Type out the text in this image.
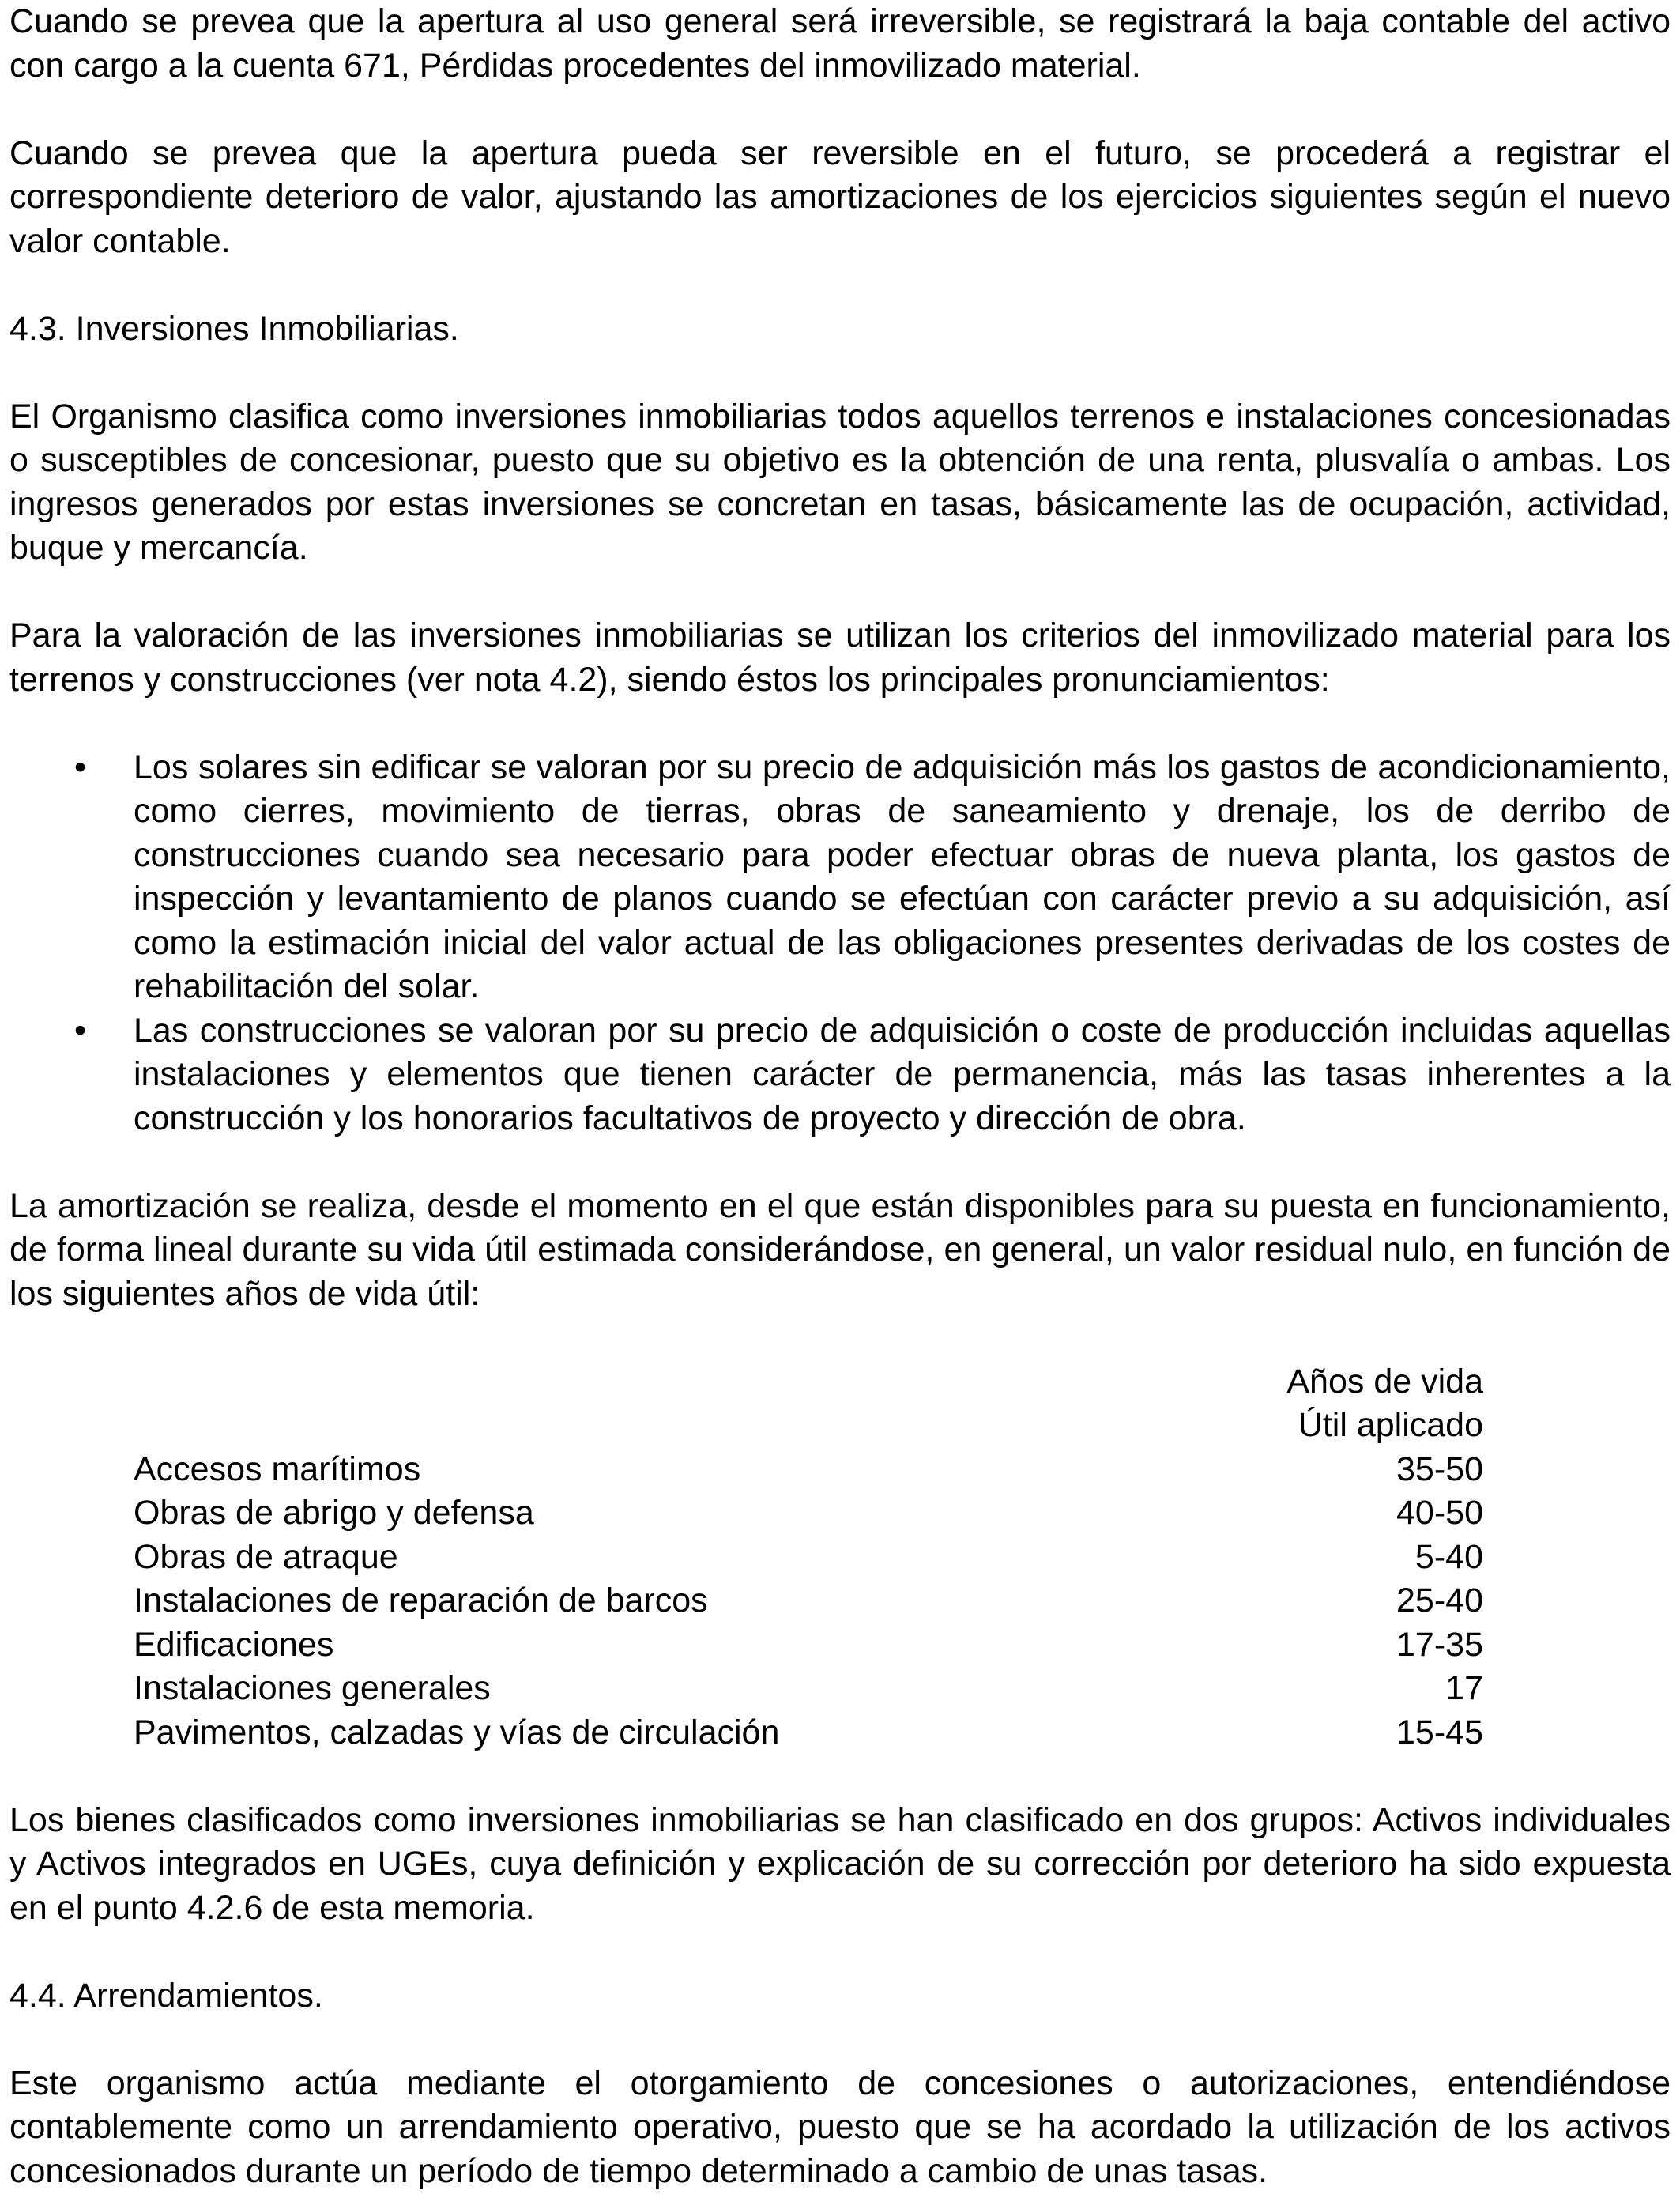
Cuando se prevea que la apertura al uso general será irreversible, se registrará la baja contable del activo con cargo a la cuenta 671, Pérdidas procedentes del inmovilizado material.

Cuando se prevea que la apertura pueda ser reversible en el futuro, se procederá a registrar el correspondiente deterioro de valor, ajustando las amortizaciones de los ejercicios siguientes según el nuevo valor contable.

4.3. Inversiones Inmobiliarias.

El Organismo clasifica como inversiones inmobiliarias todos aquellos terrenos e instalaciones concesionadas o susceptibles de concesionar, puesto que su objetivo es la obtención de una renta, plusvalía o ambas. Los ingresos generados por estas inversiones se concretan en tasas, básicamente las de ocupación, actividad, buque y mercancía.

Para la valoración de las inversiones inmobiliarias se utilizan los criterios del inmovilizado material para los terrenos y construcciones (ver nota 4.2), siendo éstos los principales pronunciamientos:

• Los solares sin edificar se valoran por su precio de adquisición más los gastos de acondicionamiento, como cierres, movimiento de tierras, obras de saneamiento y drenaje, los de derribo de construcciones cuando sea necesario para poder efectuar obras de nueva planta, los gastos de inspección y levantamiento de planos cuando se efectúan con carácter previo a su adquisición, así como la estimación inicial del valor actual de las obligaciones presentes derivadas de los costes de rehabilitación del solar.
• Las construcciones se valoran por su precio de adquisición o coste de producción incluidas aquellas instalaciones y elementos que tienen carácter de permanencia, más las tasas inherentes a la construcción y los honorarios facultativos de proyecto y dirección de obra.

La amortización se realiza, desde el momento en el que están disponibles para su puesta en funcionamiento, de forma lineal durante su vida útil estimada considerándose, en general, un valor residual nulo, en función de los siguientes años de vida útil:

	Años de vida
	Útil aplicado
Accesos marítimos	35-50
Obras de abrigo y defensa	40-50
Obras de atraque	5-40
Instalaciones de reparación de barcos	25-40
Edificaciones	17-35
Instalaciones generales	17
Pavimentos, calzadas y vías de circulación	15-45

Los bienes clasificados como inversiones inmobiliarias se han clasificado en dos grupos: Activos individuales y Activos integrados en UGEs, cuya definición y explicación de su corrección por deterioro ha sido expuesta en el punto 4.2.6 de esta memoria.

4.4. Arrendamientos.

Este organismo actúa mediante el otorgamiento de concesiones o autorizaciones, entendiéndose contablemente como un arrendamiento operativo, puesto que se ha acordado la utilización de los activos concesionados durante un período de tiempo determinado a cambio de unas tasas.
